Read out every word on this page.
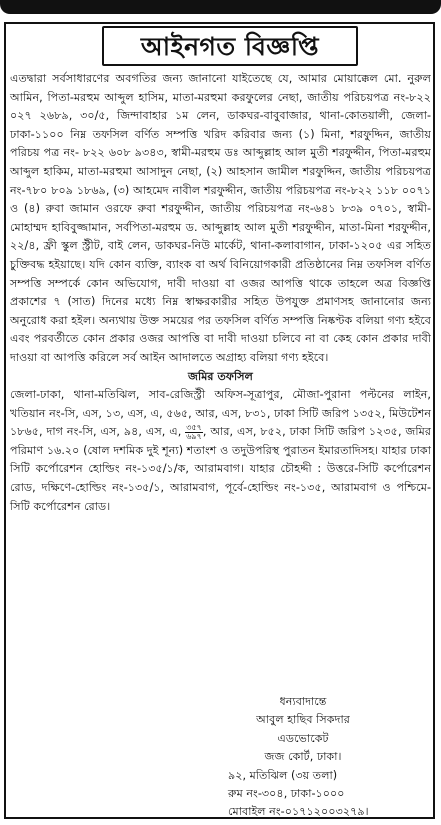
আইনগত বিজ্ঞপ্তি

এতদ্বারা সর্বসাধারণের অবগতির জন্য জানানো যাইতেছে যে, আমার মোয়াক্কেল মো. নুরুল আমিন, পিতা-মরহুম আব্দুল হাসিম, মাতা-মরহুমা করফুলের নেছা, জাতীয় পরিচয়পত্র নং-৮২২ ০২৭ ২৬৮৯, ৩০/৫, জিন্দাবাহার ১ম লেন, ডাকঘর-বাবুবাজার, থানা-কোতয়ালী, জেলা-ঢাকা-১১০০ নিম্ন তফসিল বর্ণিত সম্পত্তি খরিদ করিবার জন্য (১) মিনা, শরফুদ্দিন, জাতীয় পরিচয় পত্র নং- ৮২২ ৬০৮ ৯৩৪৩, স্বামী-মরহুম ডঃ আব্দুল্লাহ আল মুতী শরফুদ্দীন, পিতা-মরহুম আব্দুল হাকিম, মাতা-মরহুমা আসাদুন নেছা, (২) আহসান জামীল শরফুদ্দিন, জাতীয় পরিচয়পত্র নং-৭৮০ ৮০৯ ১৮৬৯, (৩) আহমেদ নাবীল শরফুদ্দীন, জাতীয় পরিচয়পত্র নং-৮২২ ১১৮ ০০৭১ ও (৪) রুবা জামান ওরফে রুবা শরফুদ্দীন, জাতীয় পরিচয়পত্র নং-৬৪১ ৮৩৯ ০৭০১, স্বামী- মোহাম্মদ হাবিবুজ্জামান, সর্বপিতা-মরহুম ড. আব্দুল্লাহ আল মুতী শরফুদ্দীন, মাতা-মিনা শরফুদ্দীন, ২২/৪, ফ্রী স্কুল স্ট্রীট, বাই লেন, ডাকঘর-নিউ মার্কেট, থানা-কলাবাগান, ঢাকা-১২০৫ এর সহিত চুক্তিবদ্ধ হইয়াছে। যদি কোন ব্যক্তি, ব্যাংক বা অর্থ বিনিয়োগকারী প্রতিষ্ঠানের নিম্ন তফসিল বর্ণিত সম্পত্তি সম্পর্কে কোন অভিযোগ, দাবী দাওয়া বা ওজর আপত্তি থাকে তাহলে অত্র বিজ্ঞপ্তি প্রকাশের ৭ (সাত) দিনের মধ্যে নিম্ন স্বাক্ষরকারীর সহিত উপযুক্ত প্রমাণসহ জানানোর জন্য অনুরোধ করা হইল। অন্যথায় উক্ত সময়ের পর তফসিল বর্ণিত সম্পত্তি নিষ্কণ্টক বলিয়া গণ্য হইবে এবং পরবর্তীতে কোন প্রকার ওজর আপত্তি বা দাবী দাওয়া চলিবে না বা কেহ কোন প্রকার দাবী দাওয়া বা আপত্তি করিলে সর্ব আইন আদালতে অগ্রাহ্য বলিয়া গণ্য হইবে।

জমির তফসিল

জেলা-ঢাকা, থানা-মতিঝিল, সাব-রেজিস্ট্রী অফিস-সূত্রাপুর, মৌজা-পুরানা পল্টনের লাইন, খতিয়ান নং-সি, এস, ১৩, এস, এ, ৫৬৫, আর, এস, ৮৩১, ঢাকা সিটি জরিপ ১৩৫২, মিউটেশন ১৮৬৫, দাগ নং-সি, এস, ৯৪, এস, এ, $\frac{৩৫৭}{৬৯৭}$ , আর, এস, ৮৫২, ঢাকা সিটি জরিপ ১২৩৫, জমির পরিমাণ ১৬.২০ (ষোল দশমিক দুই শূন্য) শতাংশ ও তদুউপরিস্থ পুরাতন ইমারতাদিসহ। যাহার ঢাকা সিটি কর্পোরেশন হোল্ডিং নং-১৩৫/১/ক, আরামবাগ। যাহার চৌহদ্দী : উত্তরে-সিটি কর্পোরেশন রোড, দক্ষিণে-হোল্ডিং নং-১৩৫/১, আরামবাগ, পূর্বে-হোল্ডিং নং-১৩৫, আরামবাগ ও পশ্চিমে-সিটি কর্পোরেশন রোড।

ধন্যবাদান্তে
আবুল হাছিব সিকদার
এডভোকেট
জজ কোর্ট, ঢাকা।
৯২, মতিঝিল (৩য় তলা)
রুম নং-৩০৪, ঢাকা-১০০০
মোবাইল নং-০১৭১২০০৩২৭৯।
